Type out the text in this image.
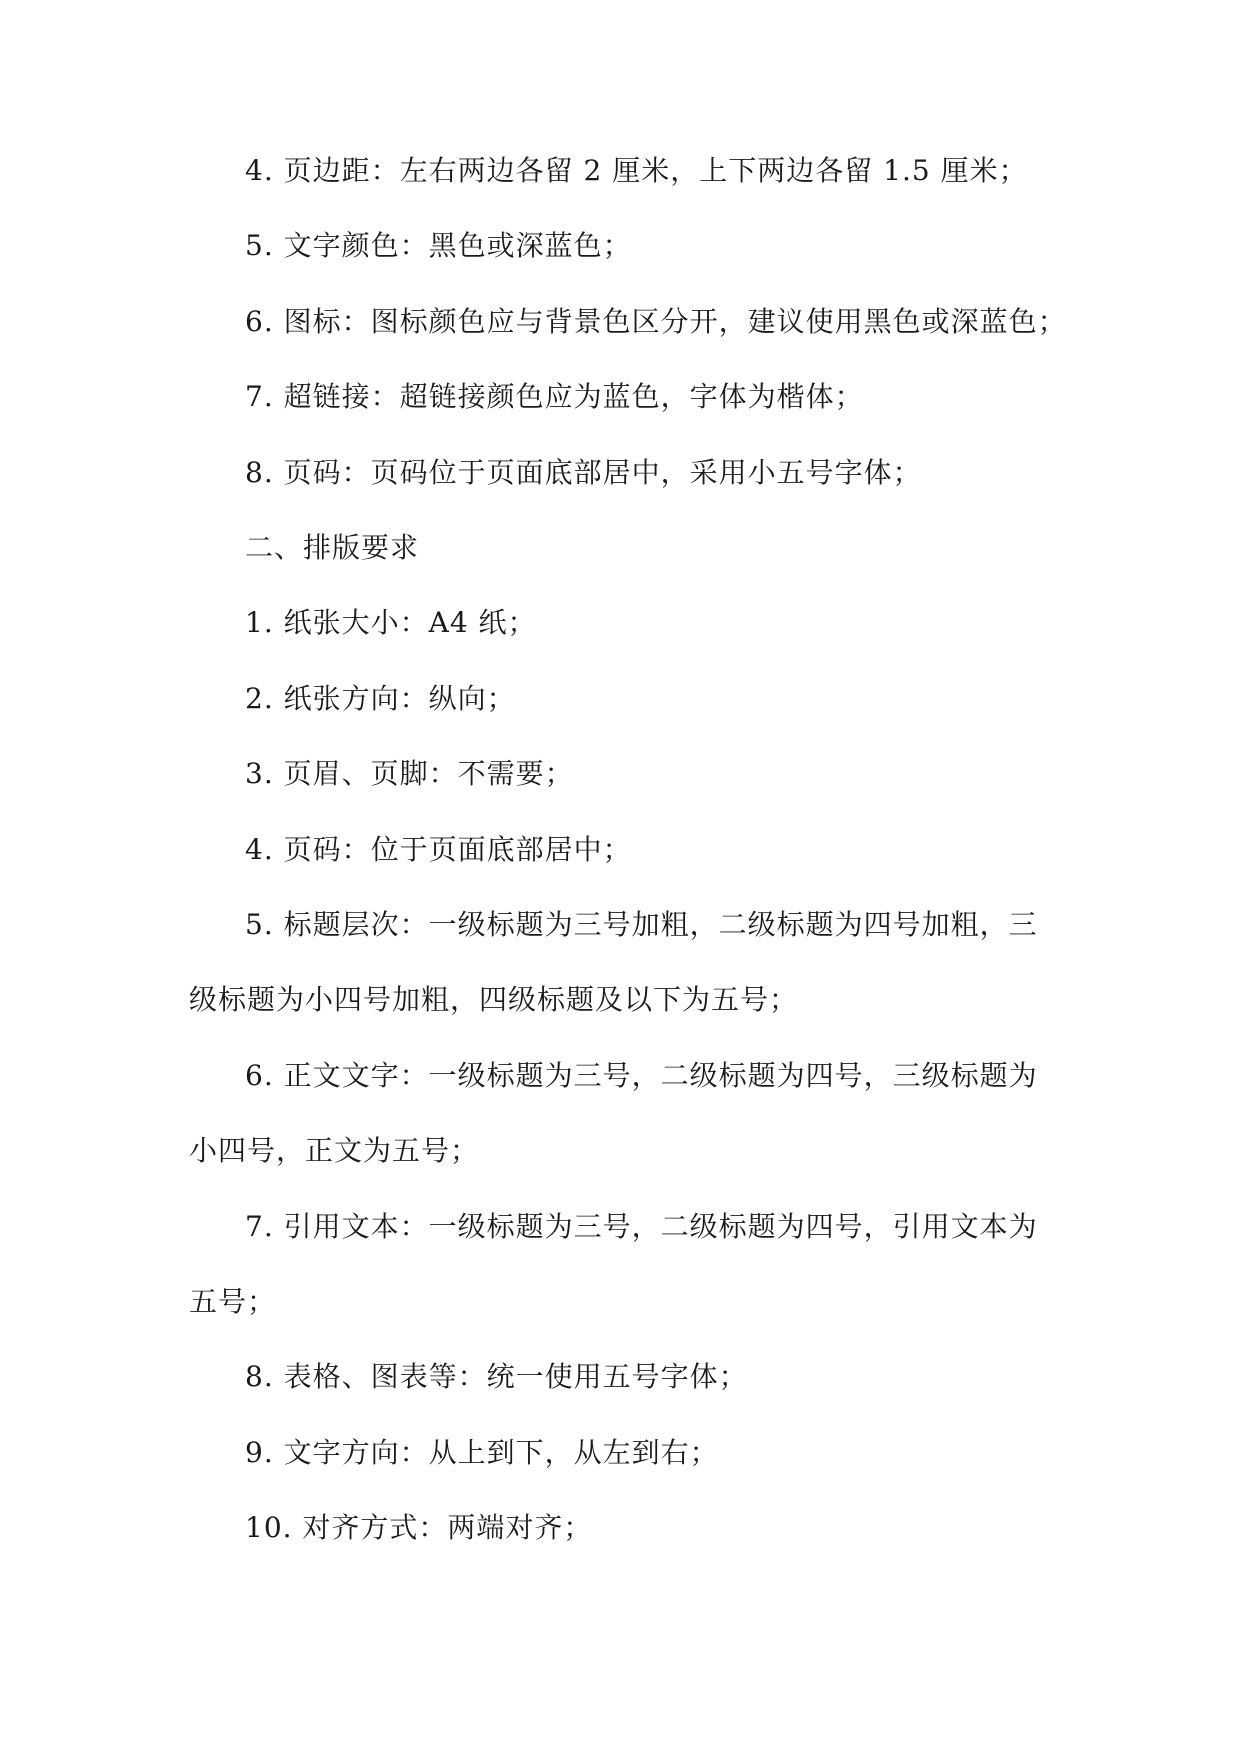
4. 页边距：左右两边各留 2 厘米，上下两边各留 1.5 厘米；
5. 文字颜色：黑色或深蓝色；
6. 图标：图标颜色应与背景色区分开，建议使用黑色或深蓝色；
7. 超链接：超链接颜色应为蓝色，字体为楷体；
8. 页码：页码位于页面底部居中，采用小五号字体；
二、排版要求
1. 纸张大小：A4 纸；
2. 纸张方向：纵向；
3. 页眉、页脚：不需要；
4. 页码：位于页面底部居中；
5. 标题层次：一级标题为三号加粗，二级标题为四号加粗，三
级标题为小四号加粗，四级标题及以下为五号；
6. 正文文字：一级标题为三号，二级标题为四号，三级标题为
小四号，正文为五号；
7. 引用文本：一级标题为三号，二级标题为四号，引用文本为
五号；
8. 表格、图表等：统一使用五号字体；
9. 文字方向：从上到下，从左到右；
10. 对齐方式：两端对齐；
